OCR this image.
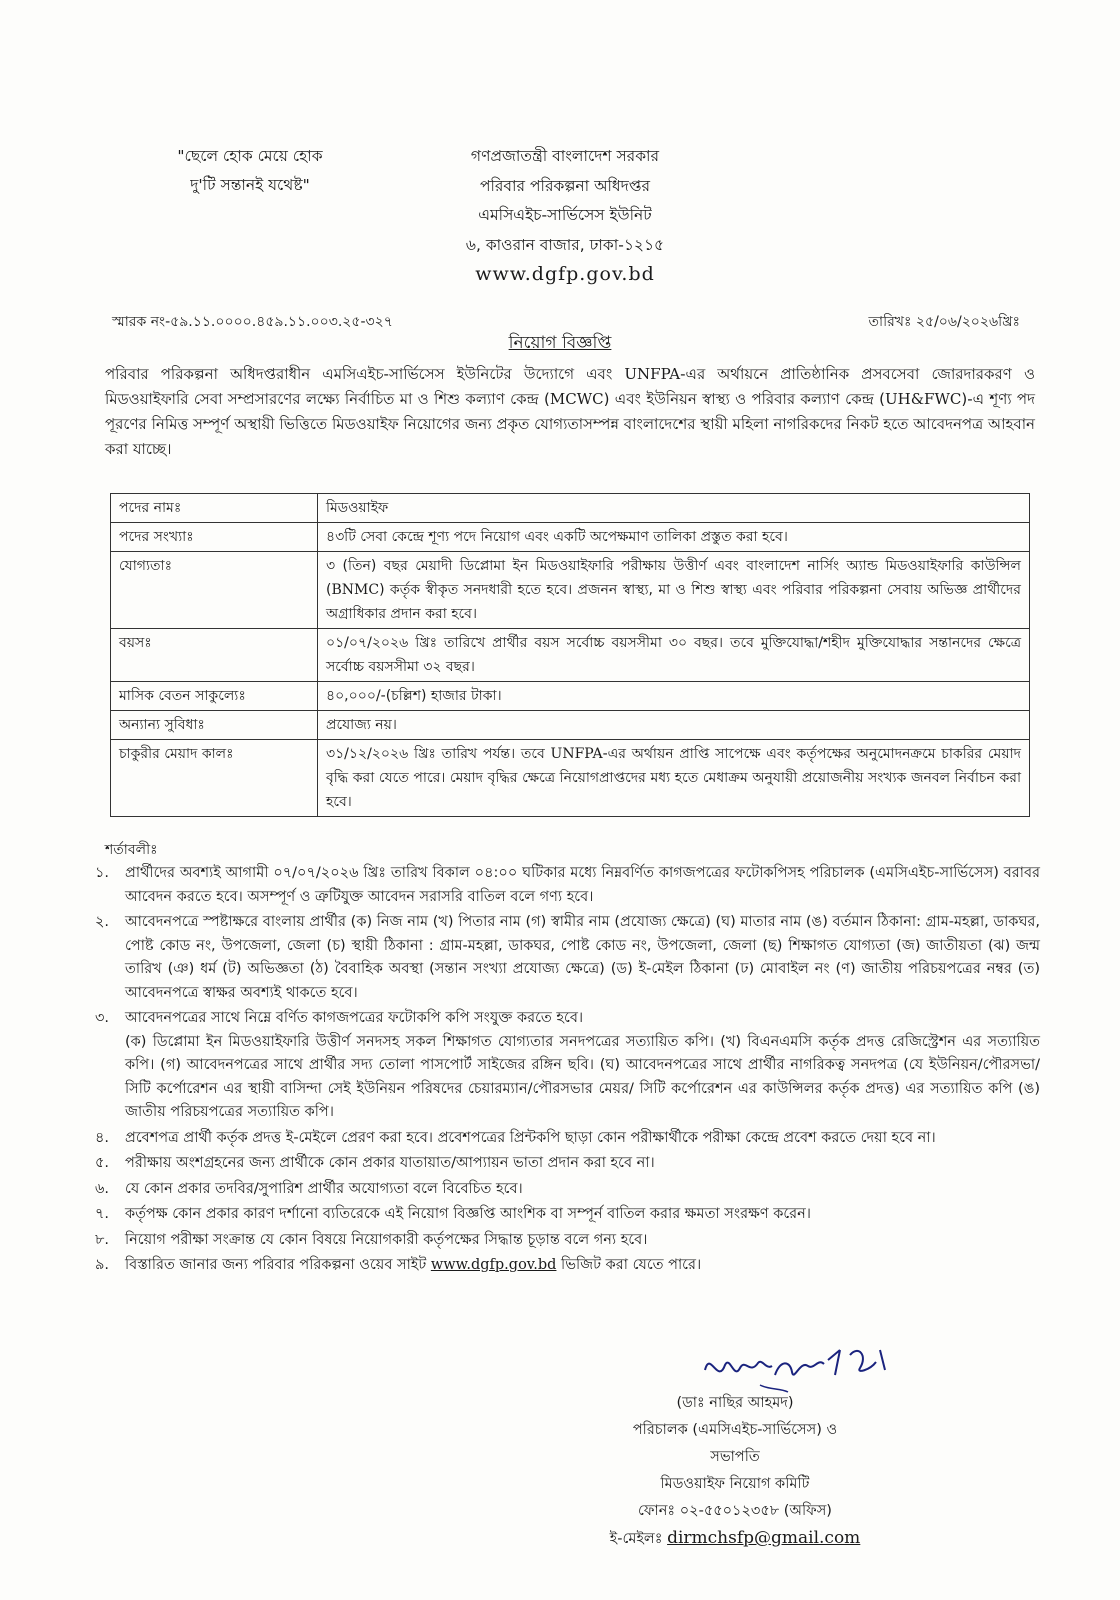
"ছেলে হোক মেয়ে হোক
দু'টি সন্তানই যথেষ্ট"
গণপ্রজাতন্ত্রী বাংলাদেশ সরকার
পরিবার পরিকল্পনা অধিদপ্তর
এমসিএইচ-সার্ভিসেস ইউনিট
৬, কাওরান বাজার, ঢাকা-১২১৫
www.dgfp.gov.bd
স্মারক নং-৫৯.১১.০০০০.৪৫৯.১১.০০৩.২৫-৩২৭	তারিখঃ ২৫/০৬/২০২৬খ্রিঃ
নিয়োগ বিজ্ঞপ্তি
পরিবার পরিকল্পনা অধিদপ্তরাধীন এমসিএইচ-সার্ভিসেস ইউনিটের উদ্যোগে এবং UNFPA-এর অর্থায়নে প্রাতিষ্ঠানিক প্রসবসেবা জোরদারকরণ ও মিডওয়াইফারি সেবা সম্প্রসারণের লক্ষ্যে নির্বাচিত মা ও শিশু কল্যাণ কেন্দ্র (MCWC) এবং ইউনিয়ন স্বাস্থ্য ও পরিবার কল্যাণ কেন্দ্র (UH&FWC)-এ শূণ্য পদ পূরণের নিমিত্ত সম্পূর্ণ অস্থায়ী ভিত্তিতে মিডওয়াইফ নিয়োগের জন্য প্রকৃত যোগ্যতাসম্পন্ন বাংলাদেশের স্থায়ী মহিলা নাগরিকদের নিকট হতে আবেদনপত্র আহবান করা যাচ্ছে।
পদের নামঃ	মিডওয়াইফ
পদের সংখ্যাঃ	৪৩টি সেবা কেন্দ্রে শূণ্য পদে নিয়োগ এবং একটি অপেক্ষমাণ তালিকা প্রস্তুত করা হবে।
যোগ্যতাঃ	৩ (তিন) বছর মেয়াদী ডিপ্লোমা ইন মিডওয়াইফারি পরীক্ষায় উত্তীর্ণ এবং বাংলাদেশ নার্সিং অ্যান্ড মিডওয়াইফারি কাউন্সিল (BNMC) কর্তৃক স্বীকৃত সনদধারী হতে হবে। প্রজনন স্বাস্থ্য, মা ও শিশু স্বাস্থ্য এবং পরিবার পরিকল্পনা সেবায় অভিজ্ঞ প্রার্থীদের অগ্রাধিকার প্রদান করা হবে।
বয়সঃ	০১/০৭/২০২৬ খ্রিঃ তারিখে প্রার্থীর বয়স সর্বোচ্চ বয়সসীমা ৩০ বছর। তবে মুক্তিযোদ্ধা/শহীদ মুক্তিযোদ্ধার সন্তানদের ক্ষেত্রে সর্বোচ্চ বয়সসীমা ৩২ বছর।
মাসিক বেতন সাকুল্যেঃ	৪০,০০০/-(চল্লিশ) হাজার টাকা।
অন্যান্য সুবিধাঃ	প্রযোজ্য নয়।
চাকুরীর মেয়াদ কালঃ	৩১/১২/২০২৬ খ্রিঃ তারিখ পর্যন্ত। তবে UNFPA-এর অর্থায়ন প্রাপ্তি সাপেক্ষে এবং কর্তৃপক্ষের অনুমোদনক্রমে চাকরির মেয়াদ বৃদ্ধি করা যেতে পারে। মেয়াদ বৃদ্ধির ক্ষেত্রে নিয়োগপ্রাপ্তদের মধ্য হতে মেধাক্রম অনুযায়ী প্রয়োজনীয় সংখ্যক জনবল নির্বাচন করা হবে।
শর্তাবলীঃ
১.	প্রার্থীদের অবশ্যই আগামী ০৭/০৭/২০২৬ খ্রিঃ তারিখ বিকাল ০৪:০০ ঘটিকার মধ্যে নিম্নবর্ণিত কাগজপত্রের ফটোকপিসহ পরিচালক (এমসিএইচ-সার্ভিসেস) বরাবর আবেদন করতে হবে। অসম্পূর্ণ ও ত্রুটিযুক্ত আবেদন সরাসরি বাতিল বলে গণ্য হবে।
২.	আবেদনপত্রে স্পষ্টাক্ষরে বাংলায় প্রার্থীর (ক) নিজ নাম (খ) পিতার নাম (গ) স্বামীর নাম (প্রযোজ্য ক্ষেত্রে) (ঘ) মাতার নাম (ঙ) বর্তমান ঠিকানা: গ্রাম-মহল্লা, ডাকঘর, পোষ্ট কোড নং, উপজেলা, জেলা (চ) স্থায়ী ঠিকানা : গ্রাম-মহল্লা, ডাকঘর, পোষ্ট কোড নং, উপজেলা, জেলা (ছ) শিক্ষাগত যোগ্যতা (জ) জাতীয়তা (ঝ) জন্ম তারিখ (ঞ) ধর্ম (ট) অভিজ্ঞতা (ঠ) বৈবাহিক অবস্থা (সন্তান সংখ্যা প্রযোজ্য ক্ষেত্রে) (ড) ই-মেইল ঠিকানা (ঢ) মোবাইল নং (ণ) জাতীয় পরিচয়পত্রের নম্বর (ত) আবেদনপত্রে স্বাক্ষর অবশ্যই থাকতে হবে।
৩.	আবেদনপত্রের সাথে নিম্নে বর্ণিত কাগজপত্রের ফটোকপি কপি সংযুক্ত করতে হবে।
(ক) ডিপ্লোমা ইন মিডওয়াইফারি উত্তীর্ণ সনদসহ সকল শিক্ষাগত যোগ্যতার সনদপত্রের সত্যায়িত কপি। (খ) বিএনএমসি কর্তৃক প্রদত্ত রেজিস্ট্রেশন এর সত্যায়িত কপি। (গ) আবেদনপত্রের সাথে প্রার্থীর সদ্য তোলা পাসপোর্ট সাইজের রঙ্গিন ছবি। (ঘ) আবেদনপত্রের সাথে প্রার্থীর নাগরিকত্ব সনদপত্র (যে ইউনিয়ন/পৌরসভা/ সিটি কর্পোরেশন এর স্থায়ী বাসিন্দা সেই ইউনিয়ন পরিষদের চেয়ারম্যান/পৌরসভার মেয়র/ সিটি কর্পোরেশন এর কাউন্সিলর কর্তৃক প্রদত্ত) এর সত্যায়িত কপি (ঙ) জাতীয় পরিচয়পত্রের সত্যায়িত কপি।
৪.	প্রবেশপত্র প্রার্থী কর্তৃক প্রদত্ত ই-মেইলে প্রেরণ করা হবে। প্রবেশপত্রের প্রিন্টকপি ছাড়া কোন পরীক্ষার্থীকে পরীক্ষা কেন্দ্রে প্রবেশ করতে দেয়া হবে না।
৫.	পরীক্ষায় অংশগ্রহনের জন্য প্রার্থীকে কোন প্রকার যাতায়াত/আপ্যায়ন ভাতা প্রদান করা হবে না।
৬.	যে কোন প্রকার তদবির/সুপারিশ প্রার্থীর অযোগ্যতা বলে বিবেচিত হবে।
৭.	কর্তৃপক্ষ কোন প্রকার কারণ দর্শানো ব্যতিরেকে এই নিয়োগ বিজ্ঞপ্তি আংশিক বা সম্পূর্ন বাতিল করার ক্ষমতা সংরক্ষণ করেন।
৮.	নিয়োগ পরীক্ষা সংক্রান্ত যে কোন বিষয়ে নিয়োগকারী কর্তৃপক্ষের সিদ্ধান্ত চূড়ান্ত বলে গন্য হবে।
৯.	বিস্তারিত জানার জন্য পরিবার পরিকল্পনা ওয়েব সাইট www.dgfp.gov.bd ভিজিট করা যেতে পারে।
(ডাঃ নাছির আহমদ)
পরিচালক (এমসিএইচ-সার্ভিসেস) ও
সভাপতি
মিডওয়াইফ নিয়োগ কমিটি
ফোনঃ ০২-৫৫০১২৩৫৮ (অফিস)
ই-মেইলঃ dirmchsfp@gmail.com
